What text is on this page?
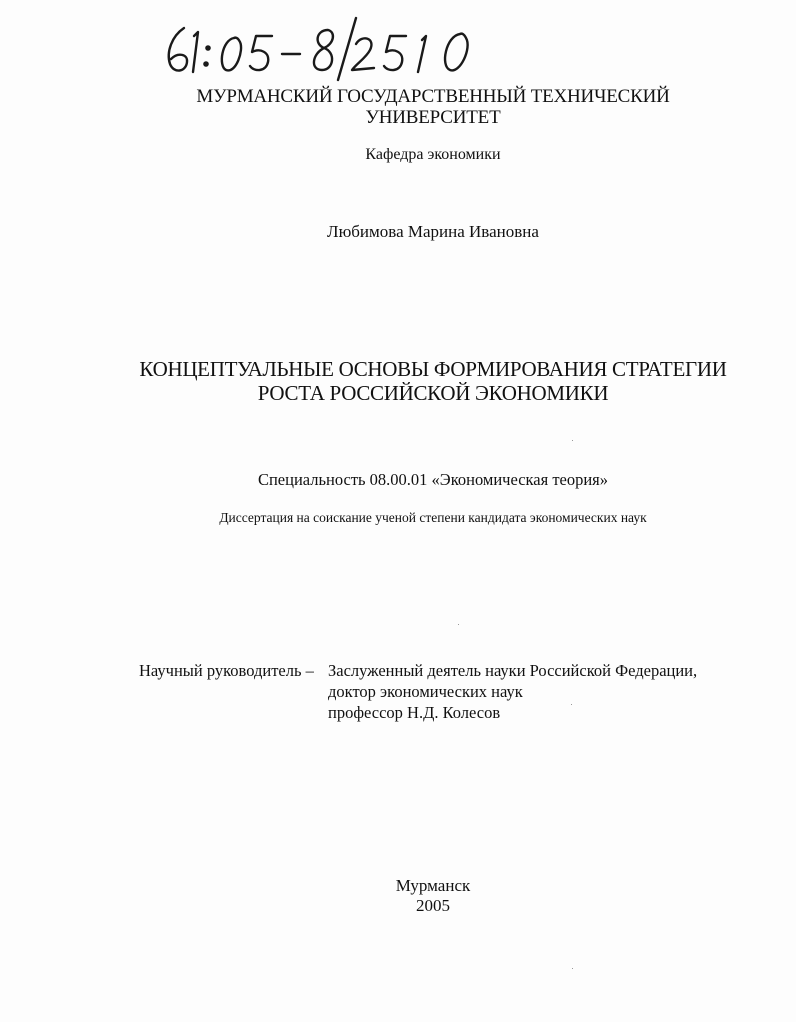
МУРМАНСКИЙ ГОСУДАРСТВЕННЫЙ ТЕХНИЧЕСКИЙ
УНИВЕРСИТЕТ
Кафедра экономики
Любимова Марина Ивановна
КОНЦЕПТУАЛЬНЫЕ ОСНОВЫ ФОРМИРОВАНИЯ СТРАТЕГИИ
РОСТА РОССИЙСКОЙ ЭКОНОМИКИ
Специальность 08.00.01 «Экономическая теория»
Диссертация на соискание ученой степени кандидата экономических наук
Научный руководитель – Заслуженный деятель науки Российской Федерации,
доктор экономических наук
профессор Н.Д. Колесов
Мурманск
2005
